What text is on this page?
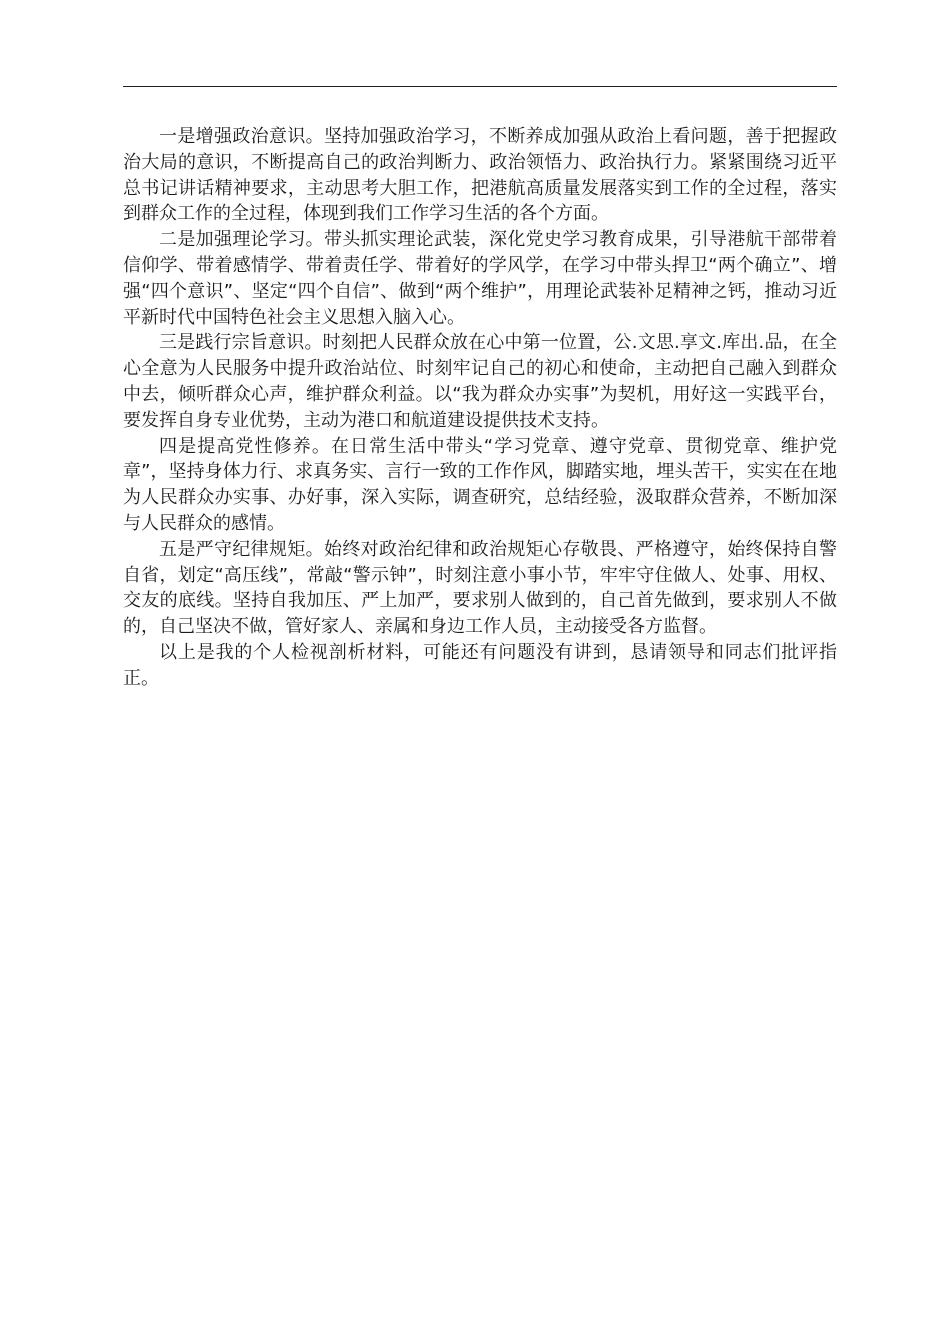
一是增强政治意识。坚持加强政治学习，不断养成加强从政治上看问题，善于把握政治大局的意识，不断提高自己的政治判断力、政治领悟力、政治执行力。紧紧围绕习近平总书记讲话精神要求，主动思考大胆工作，把港航高质量发展落实到工作的全过程，落实到群众工作的全过程，体现到我们工作学习生活的各个方面。

二是加强理论学习。带头抓实理论武装，深化党史学习教育成果，引导港航干部带着信仰学、带着感情学、带着责任学、带着好的学风学，在学习中带头捍卫“两个确立”、增强“四个意识”、坚定“四个自信”、做到“两个维护”，用理论武装补足精神之钙，推动习近平新时代中国特色社会主义思想入脑入心。

三是践行宗旨意识。时刻把人民群众放在心中第一位置，公.文思.享文.库出.品，在全心全意为人民服务中提升政治站位、时刻牢记自己的初心和使命，主动把自己融入到群众中去，倾听群众心声，维护群众利益。以“我为群众办实事”为契机，用好这一实践平台，要发挥自身专业优势，主动为港口和航道建设提供技术支持。

四是提高党性修养。在日常生活中带头“学习党章、遵守党章、贯彻党章、维护党章”，坚持身体力行、求真务实、言行一致的工作作风，脚踏实地，埋头苦干，实实在在地为人民群众办实事、办好事，深入实际，调查研究，总结经验，汲取群众营养，不断加深与人民群众的感情。

五是严守纪律规矩。始终对政治纪律和政治规矩心存敬畏、严格遵守，始终保持自警自省，划定“高压线”，常敲“警示钟”，时刻注意小事小节，牢牢守住做人、处事、用权、交友的底线。坚持自我加压、严上加严，要求别人做到的，自己首先做到，要求别人不做的，自己坚决不做，管好家人、亲属和身边工作人员，主动接受各方监督。

以上是我的个人检视剖析材料，可能还有问题没有讲到，恳请领导和同志们批评指正。
